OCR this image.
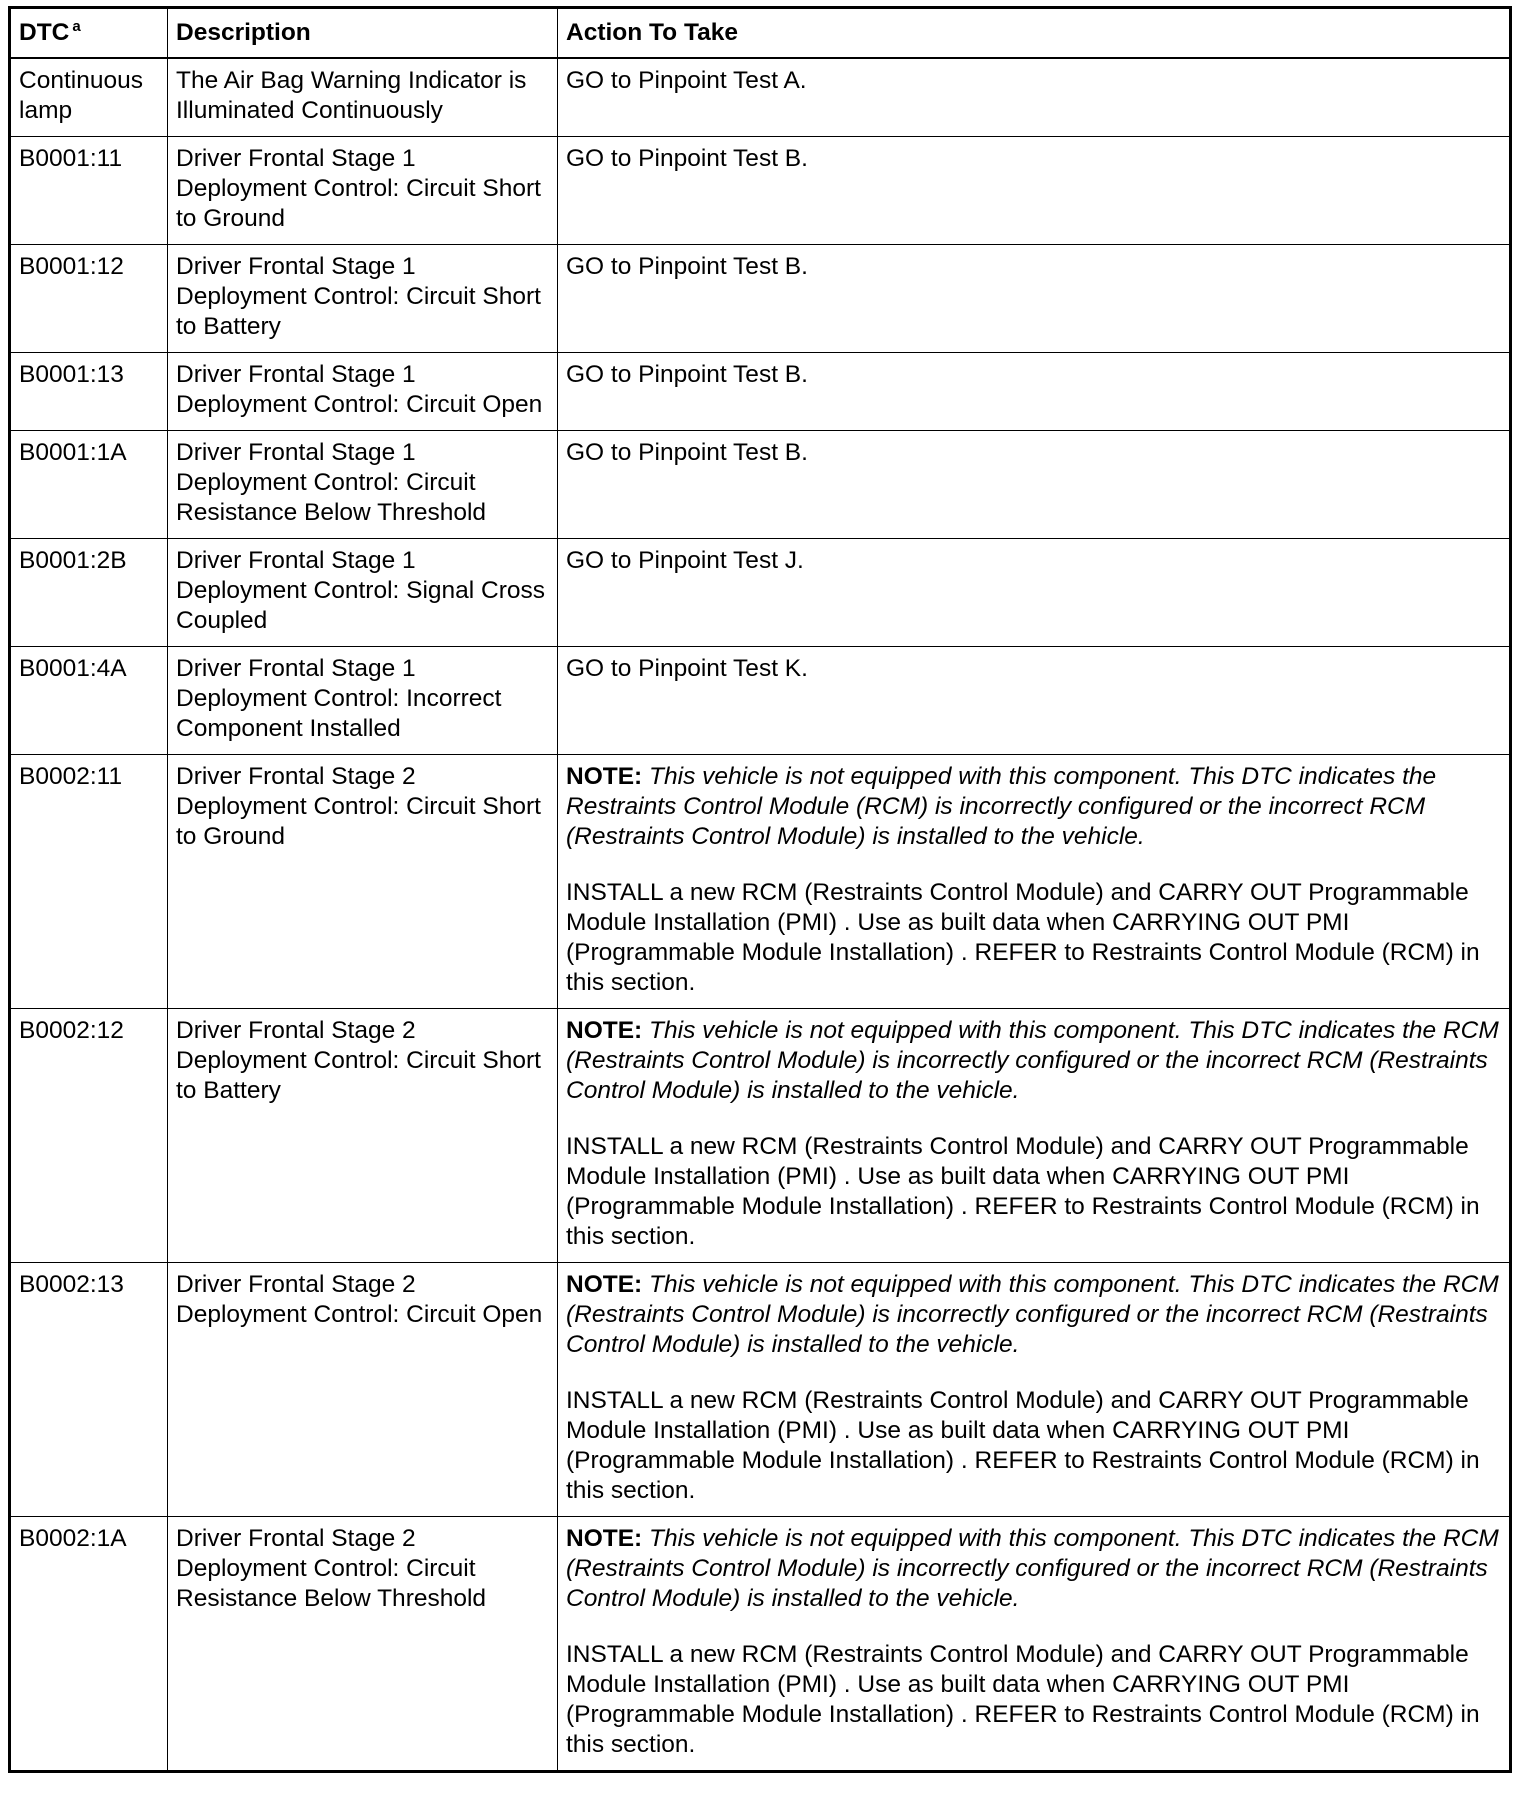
DTC $^a$	Description	Action To Take
Continuous lamp	The Air Bag Warning Indicator is Illuminated Continuously	GO to Pinpoint Test A.
B0001:11	Driver Frontal Stage 1 Deployment Control: Circuit Short to Ground	GO to Pinpoint Test B.
B0001:12	Driver Frontal Stage 1 Deployment Control: Circuit Short to Battery	GO to Pinpoint Test B.
B0001:13	Driver Frontal Stage 1 Deployment Control: Circuit Open	GO to Pinpoint Test B.
B0001:1A	Driver Frontal Stage 1 Deployment Control: Circuit Resistance Below Threshold	GO to Pinpoint Test B.
B0001:2B	Driver Frontal Stage 1 Deployment Control: Signal Cross Coupled	GO to Pinpoint Test J.
B0001:4A	Driver Frontal Stage 1 Deployment Control: Incorrect Component Installed	GO to Pinpoint Test K.
B0002:11	Driver Frontal Stage 2 Deployment Control: Circuit Short to Ground	NOTE: This vehicle is not equipped with this component. This DTC indicates the Restraints Control Module (RCM) is incorrectly configured or the incorrect RCM (Restraints Control Module) is installed to the vehicle.

INSTALL a new RCM (Restraints Control Module) and CARRY OUT Programmable Module Installation (PMI) . Use as built data when CARRYING OUT PMI (Programmable Module Installation) . REFER to Restraints Control Module (RCM) in this section.

B0002:12	Driver Frontal Stage 2 Deployment Control: Circuit Short to Battery	NOTE: This vehicle is not equipped with this component. This DTC indicates the RCM (Restraints Control Module) is incorrectly configured or the incorrect RCM (Restraints Control Module) is installed to the vehicle.

INSTALL a new RCM (Restraints Control Module) and CARRY OUT Programmable Module Installation (PMI) . Use as built data when CARRYING OUT PMI (Programmable Module Installation) . REFER to Restraints Control Module (RCM) in this section.

B0002:13	Driver Frontal Stage 2 Deployment Control: Circuit Open	NOTE: This vehicle is not equipped with this component. This DTC indicates the RCM (Restraints Control Module) is incorrectly configured or the incorrect RCM (Restraints Control Module) is installed to the vehicle.

INSTALL a new RCM (Restraints Control Module) and CARRY OUT Programmable Module Installation (PMI) . Use as built data when CARRYING OUT PMI (Programmable Module Installation) . REFER to Restraints Control Module (RCM) in this section.

B0002:1A	Driver Frontal Stage 2 Deployment Control: Circuit Resistance Below Threshold	NOTE: This vehicle is not equipped with this component. This DTC indicates the RCM (Restraints Control Module) is incorrectly configured or the incorrect RCM (Restraints Control Module) is installed to the vehicle.

INSTALL a new RCM (Restraints Control Module) and CARRY OUT Programmable Module Installation (PMI) . Use as built data when CARRYING OUT PMI (Programmable Module Installation) . REFER to Restraints Control Module (RCM) in this section.
